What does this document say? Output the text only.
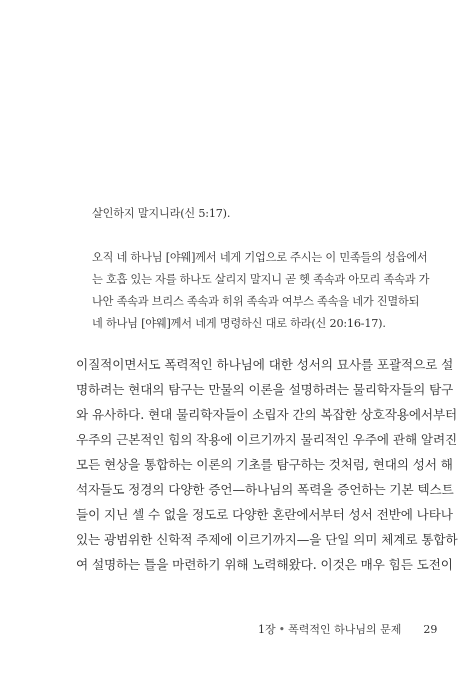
살인하지 말지니라(신 5:17).
오직 네 하나님 [야웨]께서 네게 기업으로 주시는 이 민족들의 성읍에서
는 호흡 있는 자를 하나도 살리지 말지니 곧 헷 족속과 아모리 족속과 가
나안 족속과 브리스 족속과 히위 족속과 여부스 족속을 네가 진멸하되
네 하나님 [야웨]께서 네게 명령하신 대로 하라(신 20:16-17).
이질적이면서도 폭력적인 하나님에 대한 성서의 묘사를 포괄적으로 설
명하려는 현대의 탐구는 만물의 이론을 설명하려는 물리학자들의 탐구
와 유사하다. 현대 물리학자들이 소립자 간의 복잡한 상호작용에서부터
우주의 근본적인 힘의 작용에 이르기까지 물리적인 우주에 관해 알려진
모든 현상을 통합하는 이론의 기초를 탐구하는 것처럼, 현대의 성서 해
석자들도 정경의 다양한 증언—하나님의 폭력을 증언하는 기본 텍스트
들이 지닌 셀 수 없을 정도로 다양한 혼란에서부터 성서 전반에 나타나
있는 광범위한 신학적 주제에 이르기까지—을 단일 의미 체계로 통합하
여 설명하는 틀을 마련하기 위해 노력해왔다. 이것은 매우 힘든 도전이
1장 • 폭력적인 하나님의 문제 29
